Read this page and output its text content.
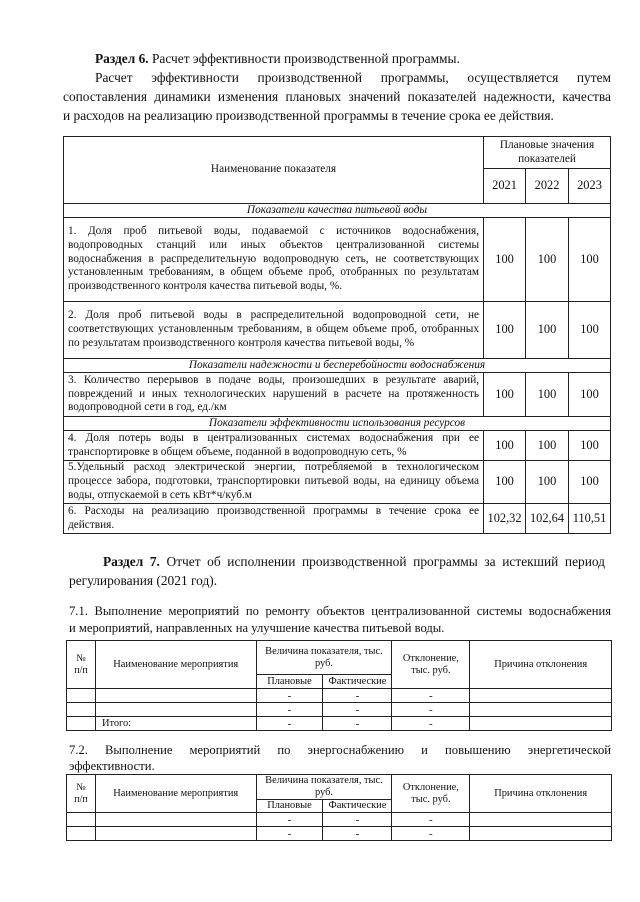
Раздел 6. Расчет эффективности производственной программы.
Расчет эффективности производственной программы, осуществляется путем
сопоставления динамики изменения плановых значений показателей надежности, качества
и расходов на реализацию производственной программы в течение срока ее действия.
Наименование показателя	Плановые значения показателей		
	2021	2022	2023
Показатели качества питьевой воды			
1. Доля проб питьевой воды, подаваемой с источников водоснабжения, водопроводных станций или иных объектов централизованной системы водоснабжения в распределительную водопроводную сеть, не соответствующих установленным требованиям, в общем объеме проб, отобранных по результатам производственного контроля качества питьевой воды, %.	100	100	100
2. Доля проб питьевой воды в распределительной водопроводной сети, не соответствующих установленным требованиям, в общем объеме проб, отобранных по результатам производственного контроля качества питьевой воды, %	100	100	100
Показатели надежности и бесперебойности водоснабжения			
3. Количество перерывов в подаче воды, произошедших в результате аварий, повреждений и иных технологических нарушений в расчете на протяженность водопроводной сети в год, ед./км	100	100	100
Показатели эффективности использования ресурсов			
4. Доля потерь воды в централизованных системах водоснабжения при ее транспортировке в общем объеме, поданной в водопроводную сеть, %	100	100	100
5.Удельный расход электрической энергии, потребляемой в технологическом процессе забора, подготовки, транспортировки питьевой воды, на единицу объема воды, отпускаемой в сеть кВт*ч/куб.м	100	100	100
6. Расходы на реализацию производственной программы в течение срока ее действия.	102,32	102,64	110,51
Раздел 7. Отчет об исполнении производственной программы за истекший период
регулирования (2021 год).
7.1. Выполнение мероприятий по ремонту объектов централизованной системы водоснабжения
и мероприятий, направленных на улучшение качества питьевой воды.
№ п/п	Наименование мероприятия	Величина показателя, тыс. руб.		Отклонение, тыс. руб.	Причина отклонения
		Плановые	Фактические		
		-	-	-	
		-	-	-	
	Итого:	-	-	-	
7.2. Выполнение мероприятий по энергоснабжению и повышению энергетической
эффективности.
№ п/п	Наименование мероприятия	Величина показателя, тыс. руб.		Отклонение, тыс. руб.	Причина отклонения
		Плановые	Фактические		
		-	-	-	
		-	-	-	
